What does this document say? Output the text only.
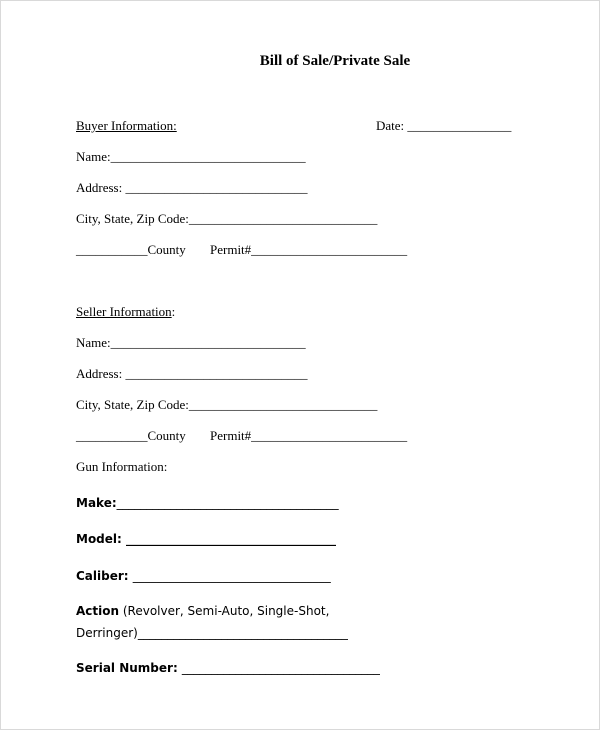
Bill of Sale/Private Sale
Buyer Information:	Date: ________________
Name:______________________________
Address: ____________________________
City, State, Zip Code:_____________________________
___________County Permit#________________________
Seller Information:
Name:______________________________
Address: ____________________________
City, State, Zip Code:_____________________________
___________County Permit#________________________
Gun Information:
Make:_____________________________________
Model: ___________________________________
Caliber: _________________________________
Action (Revolver, Semi-Auto, Single-Shot,
Derringer)___________________________________
Serial Number: _________________________________
